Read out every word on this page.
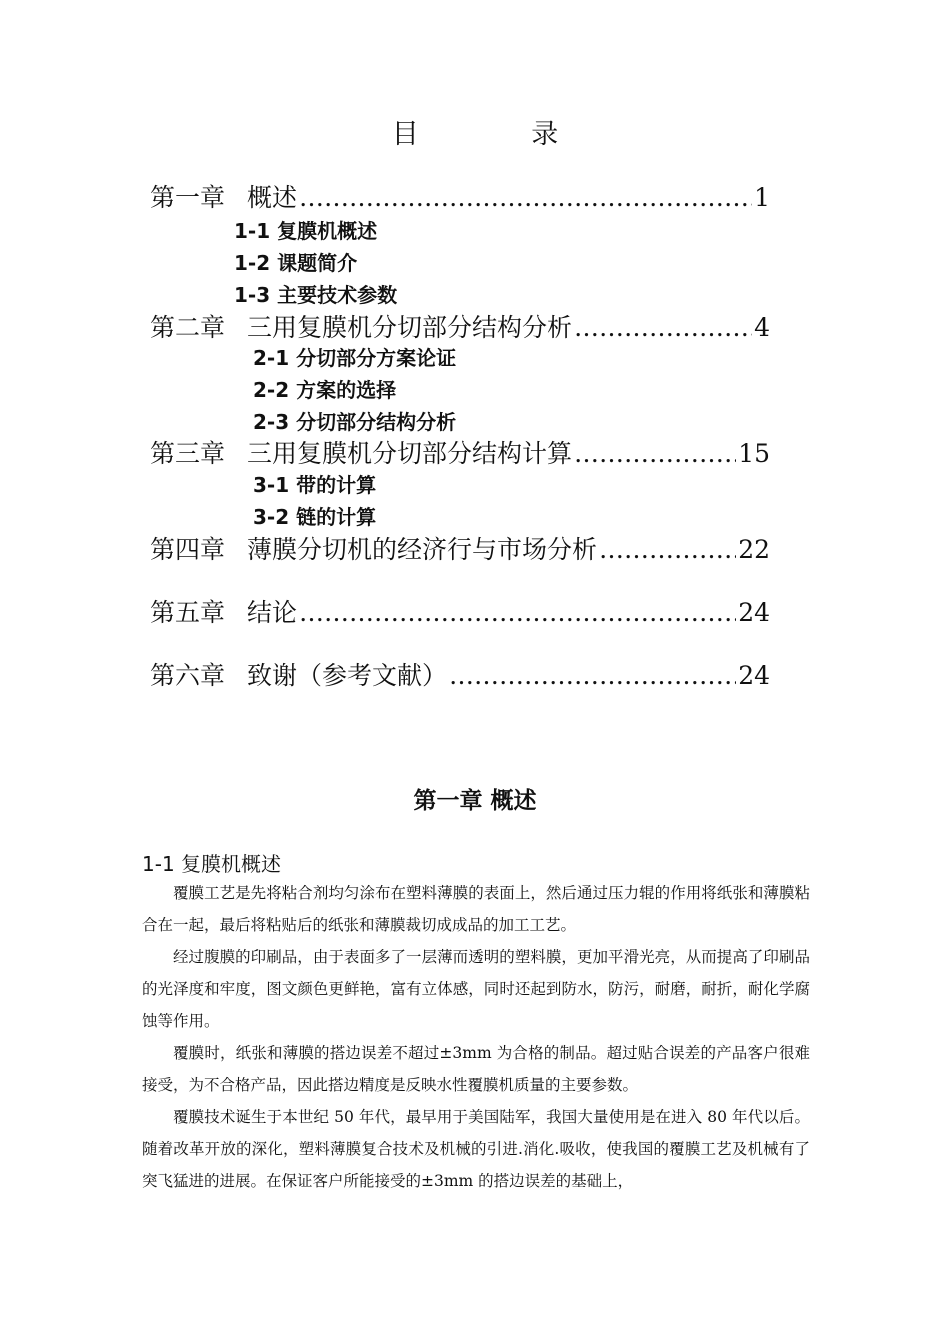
目 录
第一章 概述 …………………………………………………………………………………………………………………………………………	1
1-1 复膜机概述
1-2 课题简介
1-3 主要技术参数
第二章 三用复膜机分切部分结构分析 …………………………………………………………………………………………………………………………………………	4
2-1 分切部分方案论证
2-2 方案的选择
2-3 分切部分结构分析
第三章 三用复膜机分切部分结构计算 …………………………………………………………………………………………………………………………………………	15
3-1 带的计算
3-2 链的计算
第四章 薄膜分切机的经济行与市场分析 …………………………………………………………………………………………………………………………………………	22
第五章 结论 …………………………………………………………………………………………………………………………………………	24
第六章 致谢（参考文献） …………………………………………………………………………………………………………………………………………	24
第一章 概述
1-1 复膜机概述

覆膜工艺是先将粘合剂均匀涂布在塑料薄膜的表面上，然后通过压力辊的作用将纸张和薄膜粘合在一起，最后将粘贴后的纸张和薄膜裁切成成品的加工工艺。

经过腹膜的印刷品，由于表面多了一层薄而透明的塑料膜，更加平滑光亮，从而提高了印刷品的光泽度和牢度，图文颜色更鲜艳，富有立体感，同时还起到防水，防污，耐磨，耐折，耐化学腐蚀等作用。

覆膜时，纸张和薄膜的搭边误差不超过±3mm 为合格的制品。超过贴合误差的产品客户很难接受，为不合格产品，因此搭边精度是反映水性覆膜机质量的主要参数。

覆膜技术诞生于本世纪 50 年代，最早用于美国陆军，我国大量使用是在进入 80 年代以后。随着改革开放的深化，塑料薄膜复合技术及机械的引进.消化.吸收，使我国的覆膜工艺及机械有了突飞猛进的进展。在保证客户所能接受的±3mm 的搭边误差的基础上，
